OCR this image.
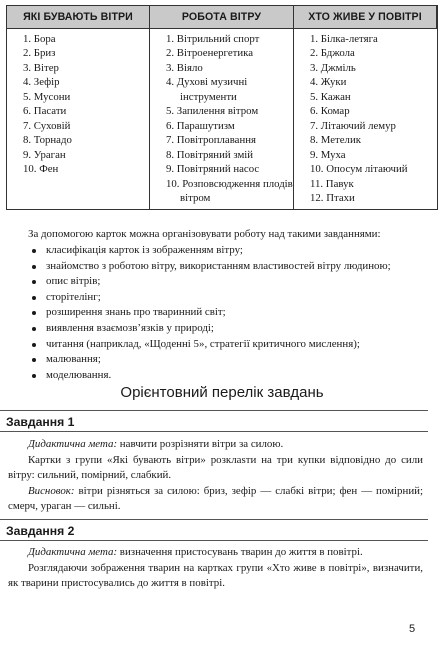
ЯКІ БУВАЮТЬ ВІТРИ	РОБОТА ВІТРУ	ХТО ЖИВЕ У ПОВІТРІ
1. Бора
2. Бриз
3. Вітер
4. Зефір
5. Мусони
6. Пасати
7. Суховій
8. Торнадо
9. Ураган
10. Фен
1. Вітрильний спорт
2. Вітроенергетика
3. Віяло
4. Духові музичні інструменти
5. Запилення вітром
6. Парашутизм
7. Повітроплавання
8. Повітряний змій
9. Повітряний насос
10. Розповсюдження плодів вітром
1. Білка-летяга
2. Бджола
3. Джміль
4. Жуки
5. Кажан
6. Комар
7. Літаючий лемур
8. Метелик
9. Муха
10. Опосум літаючий
11. Павук
12. Птахи
За допомогою карток можна організовувати роботу над такими завданнями:
класифікація карток із зображенням вітру;
знайомство з роботою вітру, використанням властивостей вітру людиною;
опис вітрів;
сторітелінг;
розширення знань про тваринний світ;
виявлення взаємозв’язків у природі;
читання (наприклад, «Щоденні 5», стратегії критичного мислення);
малювання;
моделювання.
Орієнтовний перелік завдань
Завдання 1

Дидактична мета: навчити розрізняти вітри за силою.

Картки з групи «Які бувають вітри» розклasти на три купки відповідно до сили вітру: сильний, помірний, слабкий.

Висновок: вітри різняться за силою: бриз, зефір — слабкі вітри; фен — помірний; смерч, ураган — сильні.

Завдання 2

Дидактична мета: визначення пристосувань тварин до життя в повітрі.

Розглядаючи зображення тварин на картках групи «Хто живе в повітрі», визначити, як тварини пристосувались до життя в повітрі.

5
